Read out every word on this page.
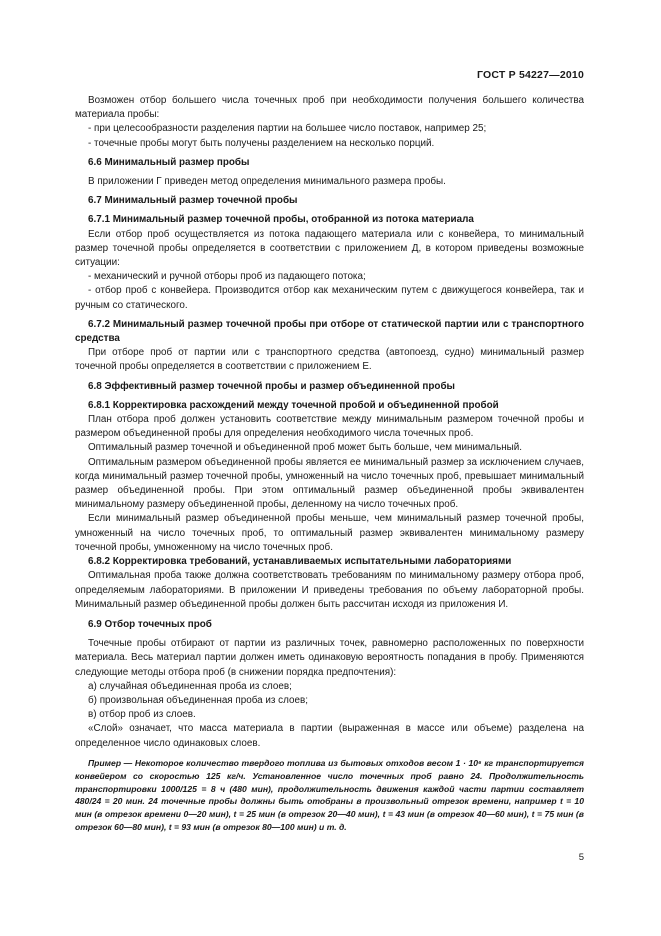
ГОСТ Р 54227—2010

Возможен отбор большего числа точечных проб при необходимости получения большего количества материала пробы:

- при целесообразности разделения партии на большее число поставок, например 25;

- точечные пробы могут быть получены разделением на несколько порций.

6.6 Минимальный размер пробы

В приложении Г приведен метод определения минимального размера пробы.

6.7 Минимальный размер точечной пробы

6.7.1 Минимальный размер точечной пробы, отобранной из потока материала

Если отбор проб осуществляется из потока падающего материала или с конвейера, то минимальный размер точечной пробы определяется в соответствии с приложением Д, в котором приведены возможные ситуации:

- механический и ручной отборы проб из падающего потока;

- отбор проб с конвейера. Производится отбор как механическим путем с движущегося конвейера, так и ручным со статического.

6.7.2 Минимальный размер точечной пробы при отборе от статической партии или с транспортного средства

При отборе проб от партии или с транспортного средства (автопоезд, судно) минимальный размер точечной пробы определяется в соответствии с приложением Е.

6.8 Эффективный размер точечной пробы и размер объединенной пробы

6.8.1 Корректировка расхождений между точечной пробой и объединенной пробой

План отбора проб должен установить соответствие между минимальным размером точечной пробы и размером объединенной пробы для определения необходимого числа точечных проб.

Оптимальный размер точечной и объединенной проб может быть больше, чем минимальный.

Оптимальным размером объединенной пробы является ее минимальный размер за исключением случаев, когда минимальный размер точечной пробы, умноженный на число точечных проб, превышает минимальный размер объединенной пробы. При этом оптимальный размер объединенной пробы эквивалентен минимальному размеру объединенной пробы, деленному на число точечных проб.

Если минимальный размер объединенной пробы меньше, чем минимальный размер точечной пробы, умноженный на число точечных проб, то оптимальный размер эквивалентен минимальному размеру точечной пробы, умноженному на число точечных проб.

6.8.2 Корректировка требований, устанавливаемых испытательными лабораториями

Оптимальная проба также должна соответствовать требованиям по минимальному размеру отбора проб, определяемым лабораториями. В приложении И приведены требования по объему лабораторной пробы. Минимальный размер объединенной пробы должен быть рассчитан исходя из приложения И.

6.9 Отбор точечных проб

Точечные пробы отбирают от партии из различных точек, равномерно расположенных по поверхности материала. Весь материал партии должен иметь одинаковую вероятность попадания в пробу. Применяются следующие методы отбора проб (в снижении порядка предпочтения):

а) случайная объединенная проба из слоев;

б) произвольная объединенная проба из слоев;

в) отбор проб из слоев.

«Слой» означает, что масса материала в партии (выраженная в массе или объеме) разделена на определенное число одинаковых слоев.

Пример — Некоторое количество твердого топлива из бытовых отходов весом 1 · 10⁶ кг транспортируется конвейером со скоростью 125 кг/ч. Установленное число точечных проб равно 24. Продолжительность транспортировки 1000/125 = 8 ч (480 мин), продолжительность движения каждой части партии составляет 480/24 = 20 мин. 24 точечные пробы должны быть отобраны в произвольный отрезок времени, например t = 10 мин (в отрезок времени 0—20 мин), t = 25 мин (в отрезок 20—40 мин), t = 43 мин (в отрезок 40—60 мин), t = 75 мин (в отрезок 60—80 мин), t = 93 мин (в отрезок 80—100 мин) и т. д.

5
